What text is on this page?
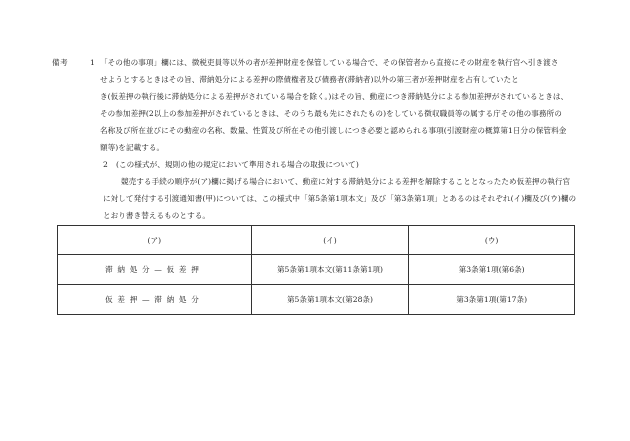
備考	1 「その他の事項」欄には、徴税吏員等以外の者が差押財産を保管している場合で、その保管者から直接にその財産を執行官へ引き渡さ
せようとするときはその旨、滞納処分による差押の際債権者及び債務者(滞納者)以外の第三者が差押財産を占有していたと
き(仮差押の執行後に滞納処分による差押がされている場合を除く。)はその旨、動産につき滞納処分による参加差押がされているときは、
その参加差押(2以上の参加差押がされているときは、そのうち最も先にされたもの)をしている徴収職員等の属する庁その他の事務所の
名称及び所在並びにその動産の名称、数量、性質及び所在その他引渡しにつき必要と認められる事項(引渡財産の概算第1日分の保管料金
額等)を記載する。
2 (この様式が、規則の他の規定において準用される場合の取扱について)
競売する手続の順序が(ア)欄に掲げる場合において、動産に対する滞納処分による差押を解除することとなったため仮差押の執行官
に対して発付する引渡通知書(甲)については、この様式中「第5条第1項本文」及び「第3条第1項」とあるのはそれぞれ(イ)欄及び(ウ)欄の
とおり書き替えるものとする。
(ア)	(イ)	(ウ)
滞納処分—仮差押	第5条第1項本文(第11条第1項)	第3条第1項(第6条)
仮差押—滞納処分	第5条第1項本文(第28条)	第3条第1項(第17条)
